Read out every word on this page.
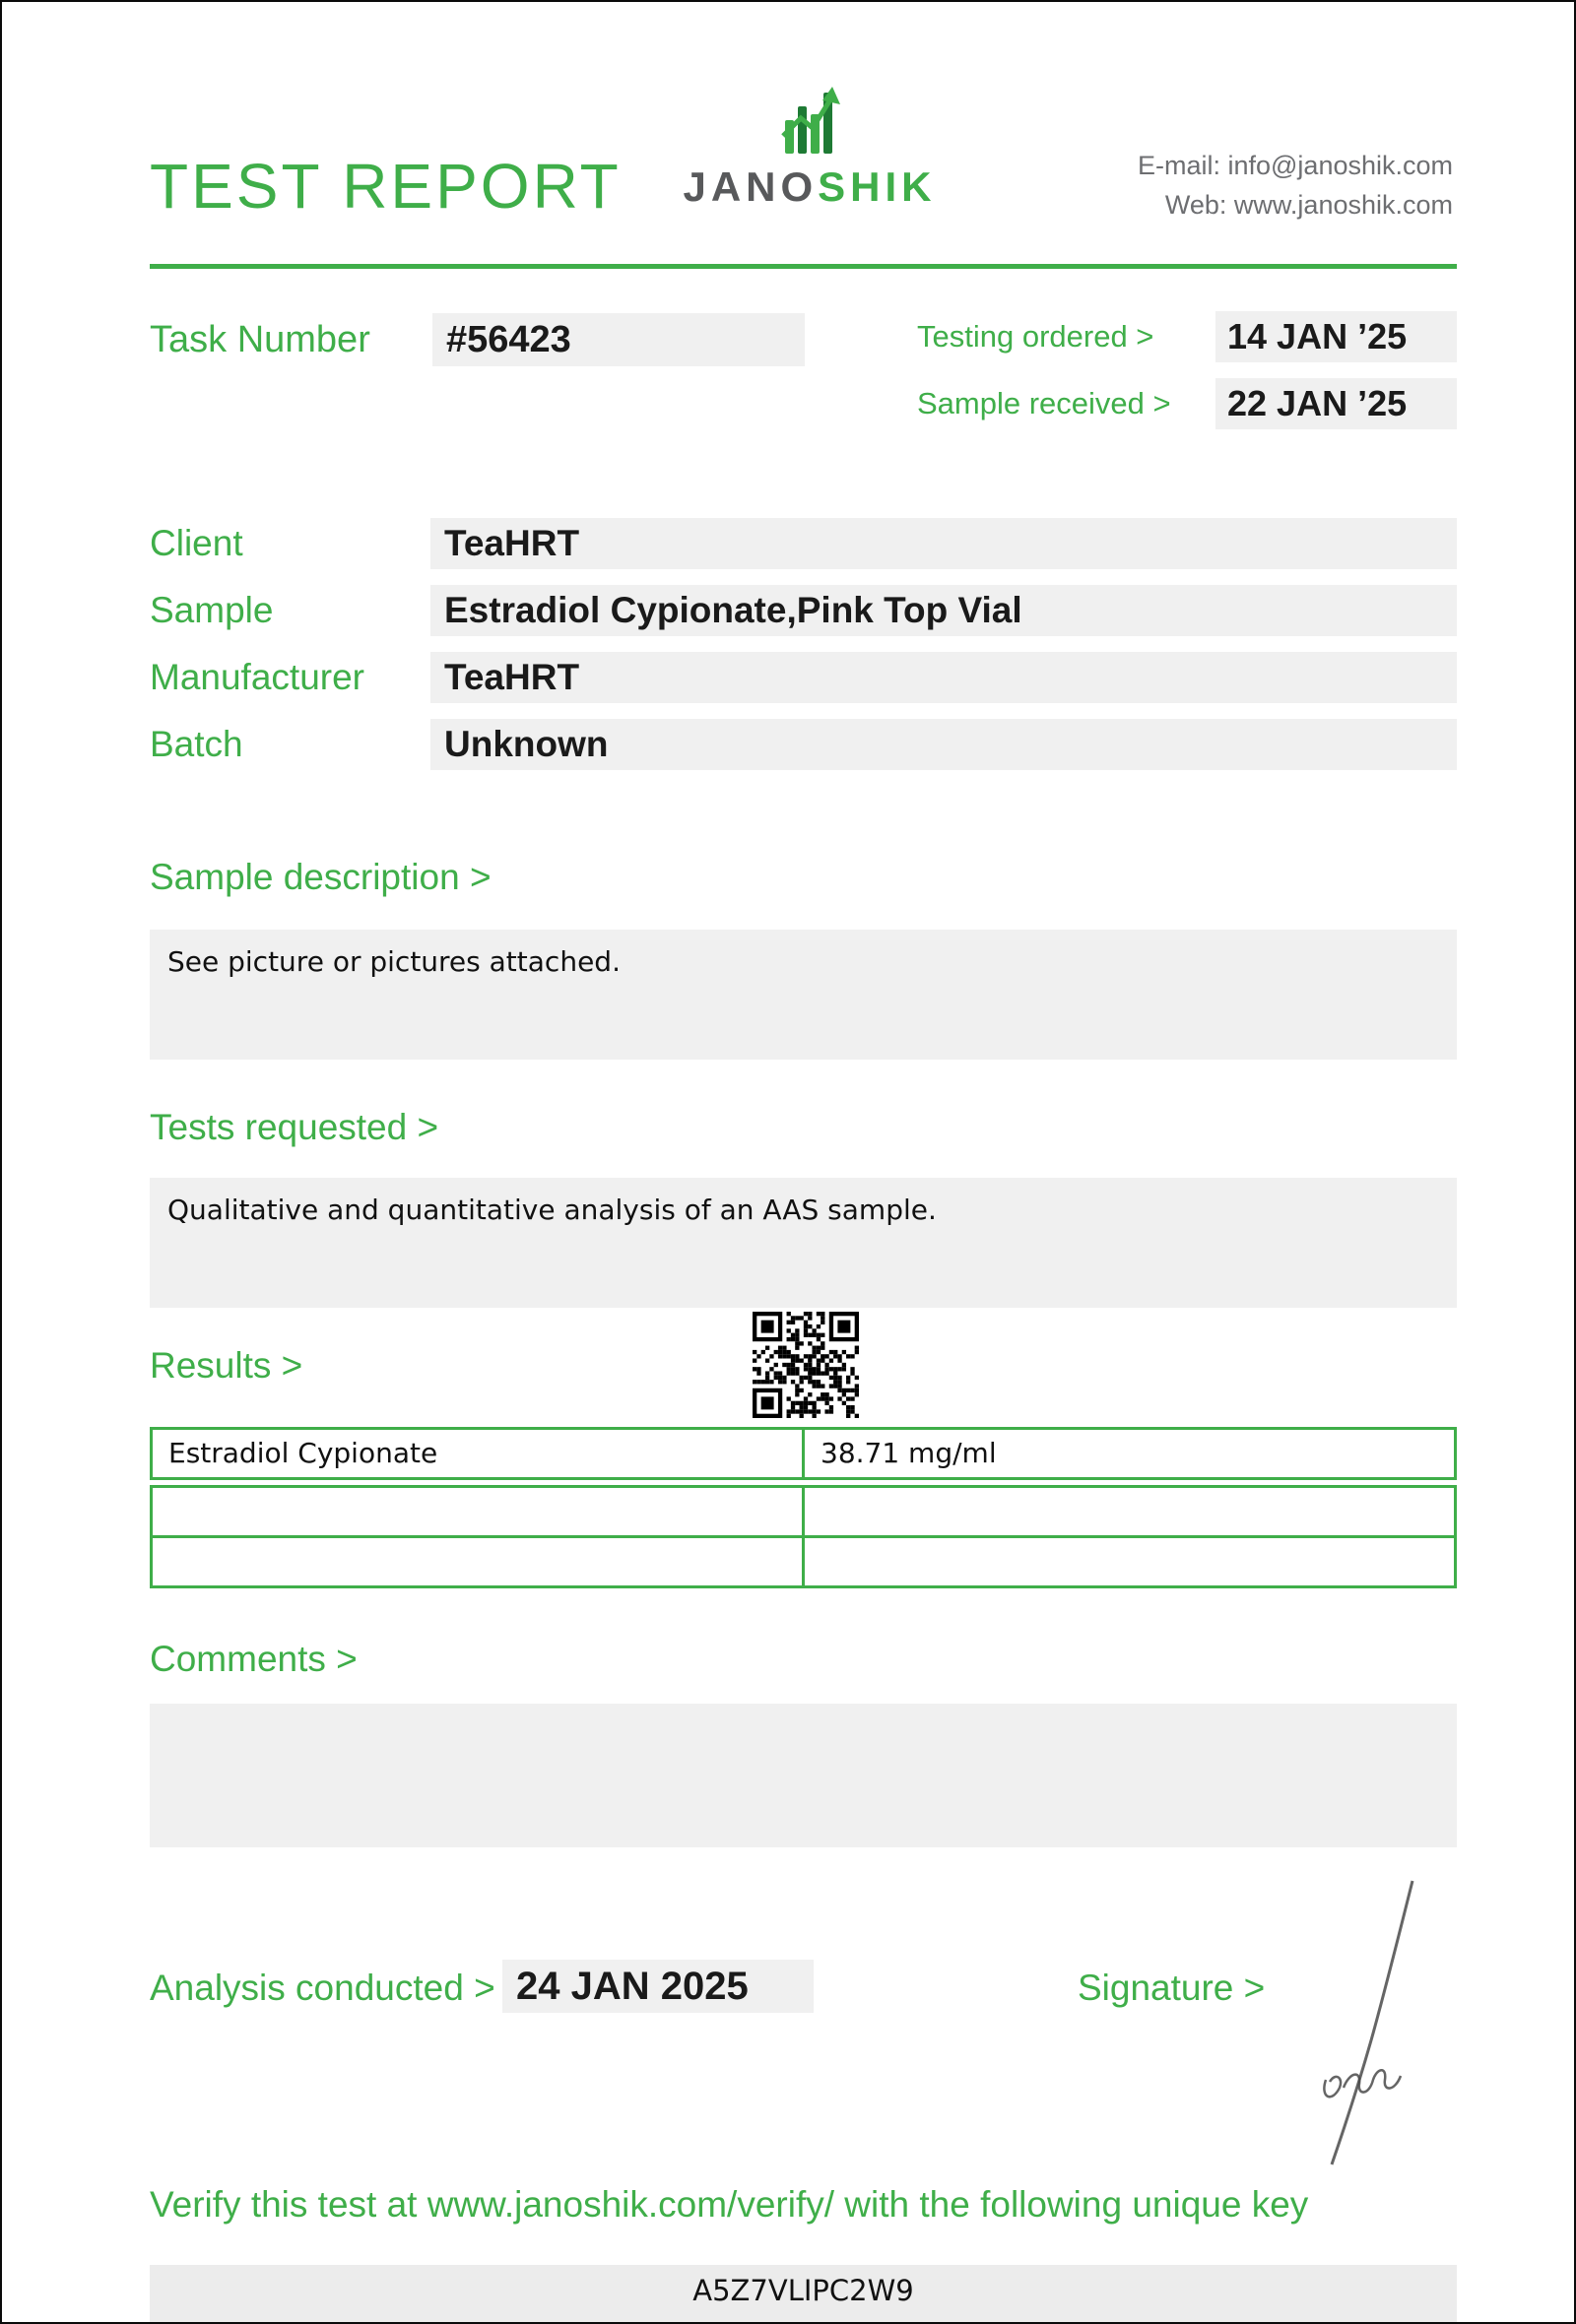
TEST REPORT JANOSHIK	E-mail: info@janoshik.com
Web: www.janoshik.com
Task Number	#56423	Testing ordered >	14 JAN ’25
Sample received >	22 JAN ’25
Client	TeaHRT
Sample	Estradiol Cypionate,Pink Top Vial
Manufacturer	TeaHRT
Batch	Unknown
Sample description >
See picture or pictures attached.
Tests requested >
Qualitative and quantitative analysis of an AAS sample.
Results >
Estradiol Cypionate	38.71 mg/ml
Comments >
Analysis conducted > 24 JAN 2025	Signature >
Verify this test at www.janoshik.com/verify/ with the following unique key
A5Z7VLIPC2W9
